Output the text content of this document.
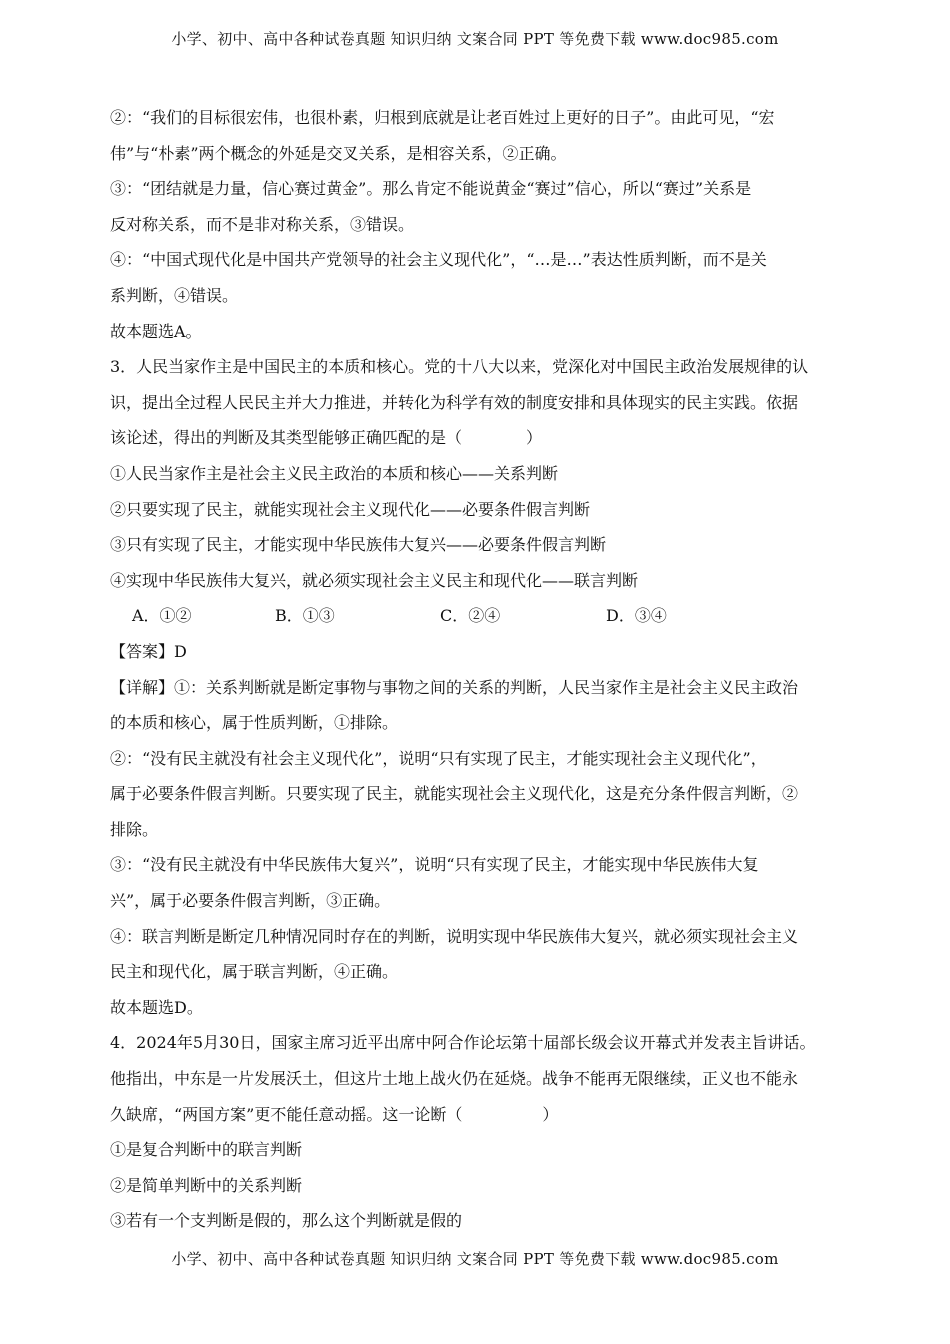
小学、初中、高中各种试卷真题 知识归纳 文案合同 PPT 等免费下载 www.doc985.com
②：“我们的目标很宏伟，也很朴素，归根到底就是让老百姓过上更好的日子”。由此可见，“宏
伟”与“朴素”两个概念的外延是交叉关系，是相容关系，②正确。
③：“团结就是力量，信心赛过黄金”。那么肯定不能说黄金“赛过”信心，所以“赛过”关系是
反对称关系，而不是非对称关系，③错误。
④：“中国式现代化是中国共产党领导的社会主义现代化”，“…是…”表达性质判断，而不是关
系判断，④错误。
故本题选A。
3．人民当家作主是中国民主的本质和核心。党的十八大以来，党深化对中国民主政治发展规律的认
识，提出全过程人民民主并大力推进，并转化为科学有效的制度安排和具体现实的民主实践。依据
该论述，得出的判断及其类型能够正确匹配的是（　　　　）
①人民当家作主是社会主义民主政治的本质和核心——关系判断
②只要实现了民主，就能实现社会主义现代化——必要条件假言判断
③只有实现了民主，才能实现中华民族伟大复兴——必要条件假言判断
④实现中华民族伟大复兴，就必须实现社会主义民主和现代化——联言判断
A．①②	B．①③	C．②④	D．③④
【答案】D
【详解】①：关系判断就是断定事物与事物之间的关系的判断，人民当家作主是社会主义民主政治
的本质和核心，属于性质判断，①排除。
②：“没有民主就没有社会主义现代化”，说明“只有实现了民主，才能实现社会主义现代化”，
属于必要条件假言判断。只要实现了民主，就能实现社会主义现代化，这是充分条件假言判断，②
排除。
③：“没有民主就没有中华民族伟大复兴”，说明“只有实现了民主，才能实现中华民族伟大复
兴”，属于必要条件假言判断，③正确。
④：联言判断是断定几种情况同时存在的判断，说明实现中华民族伟大复兴，就必须实现社会主义
民主和现代化，属于联言判断，④正确。
故本题选D。
4．2024年5月30日，国家主席习近平出席中阿合作论坛第十届部长级会议开幕式并发表主旨讲话。
他指出，中东是一片发展沃土，但这片土地上战火仍在延烧。战争不能再无限继续，正义也不能永
久缺席，“两国方案”更不能任意动摇。这一论断（　　　　　）
①是复合判断中的联言判断
②是简单判断中的关系判断
③若有一个支判断是假的，那么这个判断就是假的
小学、初中、高中各种试卷真题 知识归纳 文案合同 PPT 等免费下载 www.doc985.com
